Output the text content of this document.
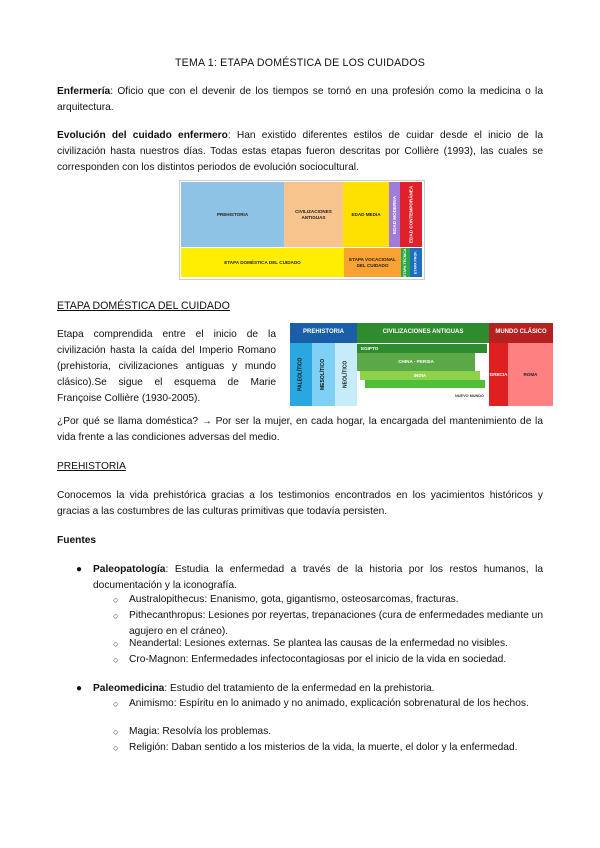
TEMA 1: ETAPA DOMÉSTICA DE LOS CUIDADOS
Enfermería: Oficio que con el devenir de los tiempos se tornó en una profesión como la medicina o la arquitectura.
Evolución del cuidado enfermero: Han existido diferentes estilos de cuidar desde el inicio de la civilización hasta nuestros días. Todas estas etapas fueron descritas por Collière (1993), las cuales se corresponden con los distintos periodos de evolución sociocultural.
PREHISTORIA
CIVILIZACIONES ANTIGUAS
EDAD MEDIA	EDAD MODERNA	EDAD CONTEMPORÁNEA
ETAPA DOMÉSTICA DEL CUIDADO
ETAPA VOCACIONAL DEL CUIDADO	ETAPA TÉCNICA	ETAPA PROF.
ETAPA DOMÉSTICA DEL CUIDADO
Etapa comprendida entre el inicio de la civilización hasta la caída del Imperio Romano (prehistoria, civilizaciones antiguas y mundo clásico).Se sigue el esquema de Marie Françoise Collière (1930-2005).
PREHISTORIA	CIVILIZACIONES ANTIGUAS	MUNDO CLÁSICO
PALEOLÍTICO	MESOLÍTICO	NEOLÍTICO
EGIPTO
CHINA · PERSIA
INDIA
NUEVO MUNDO
GRECIA	ROMA
¿Por qué se llama doméstica? → Por ser la mujer, en cada hogar, la encargada del mantenimiento de la vida frente a las condiciones adversas del medio.
PREHISTORIA
Conocemos la vida prehistórica gracias a los testimonios encontrados en los yacimientos históricos y gracias a las costumbres de las culturas primitivas que todavía persisten.
Fuentes
● Paleopatología: Estudia la enfermedad a través de la historia por los restos humanos, la documentación y la iconografía.
○ Australopithecus: Enanismo, gota, gigantismo, osteosarcomas, fracturas.
○ Pithecanthropus: Lesiones por reyertas, trepanaciones (cura de enfermedades mediante un agujero en el cráneo).
○ Neandertal: Lesiones externas. Se plantea las causas de la enfermedad no visibles.
○ Cro-Magnon: Enfermedades infectocontagiosas por el inicio de la vida en sociedad.
● Paleomedicina: Estudio del tratamiento de la enfermedad en la prehistoria.
○ Animismo: Espíritu en lo animado y no animado, explicación sobrenatural de los hechos.
○ Magia: Resolvía los problemas.
○ Religión: Daban sentido a los misterios de la vida, la muerte, el dolor y la enfermedad.
